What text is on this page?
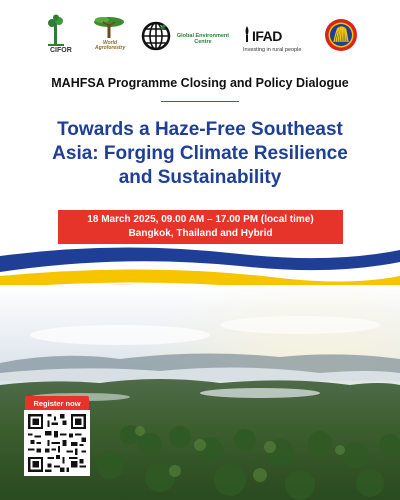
CIFOR
World Agroforestry
Global Environment Centre	IFAD
Investing in rural people
MAHFSA Programme Closing and Policy Dialogue
Towards a Haze-Free Southeast
Asia: Forging Climate Resilience
and Sustainability
18 March 2025, 09.00 AM – 17.00 PM (local time)
Bangkok, Thailand and Hybrid
Register now
